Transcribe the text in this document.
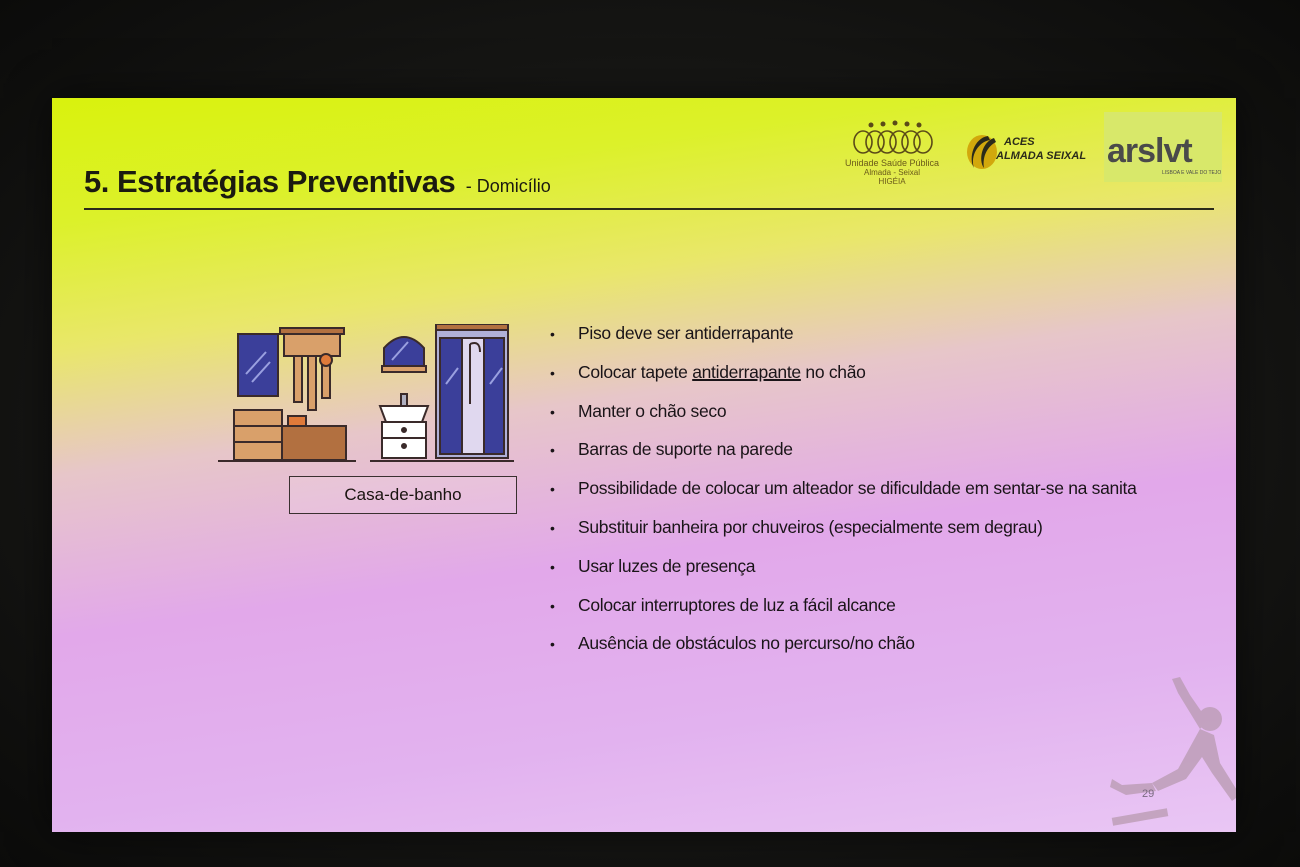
5. Estratégias Preventivas - Domicílio
Unidade Saúde Pública
Almada - Seixal
HIGÉIA
ACES
ALMADA SEIXAL arslvt
LISBOA E VALE DO TEJO
Casa-de-banho
• Piso deve ser antiderrapante
• Colocar tapete antiderrapante no chão
• Manter o chão seco
• Barras de suporte na parede
• Possibilidade de colocar um alteador se dificuldade em sentar-se na sanita
• Substituir banheira por chuveiros (especialmente sem degrau)
• Usar luzes de presença
• Colocar interruptores de luz a fácil alcance
• Ausência de obstáculos no percurso/no chão
29
